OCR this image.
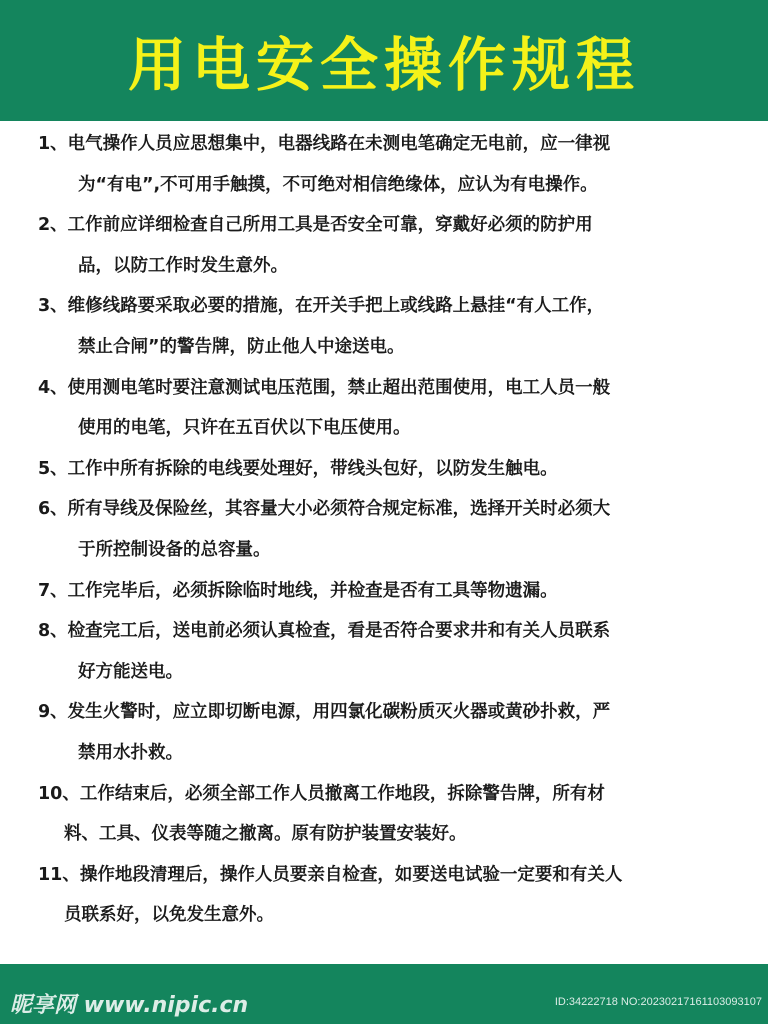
用电安全操作规程
1、电气操作人员应思想集中，电器线路在未测电笔确定无电前，应一律视
为“有电”,不可用手触摸，不可绝对相信绝缘体，应认为有电操作。
2、工作前应详细检查自己所用工具是否安全可靠，穿戴好必须的防护用
品，以防工作时发生意外。
3、维修线路要采取必要的措施，在开关手把上或线路上悬挂“有人工作，
禁止合闸”的警告牌，防止他人中途送电。
4、使用测电笔时要注意测试电压范围，禁止超出范围使用，电工人员一般
使用的电笔，只许在五百伏以下电压使用。
5、工作中所有拆除的电线要处理好，带线头包好，以防发生触电。
6、所有导线及保险丝，其容量大小必须符合规定标准，选择开关时必须大
于所控制设备的总容量。
7、工作完毕后，必须拆除临时地线，并检查是否有工具等物遗漏。
8、检查完工后，送电前必须认真检查，看是否符合要求井和有关人员联系
好方能送电。
9、发生火警时，应立即切断电源，用四氯化碳粉质灭火器或黄砂扑救，严
禁用水扑救。
10、工作结束后，必须全部工作人员撤离工作地段，拆除警告牌，所有材
料、工具、仪表等随之撤离。原有防护装置安装好。
11、操作地段清理后，操作人员要亲自检查，如要送电试验一定要和有关人
员联系好，以免发生意外。
昵享网 www.nipic.cn	ID:34222718 NO:20230217161103093107
